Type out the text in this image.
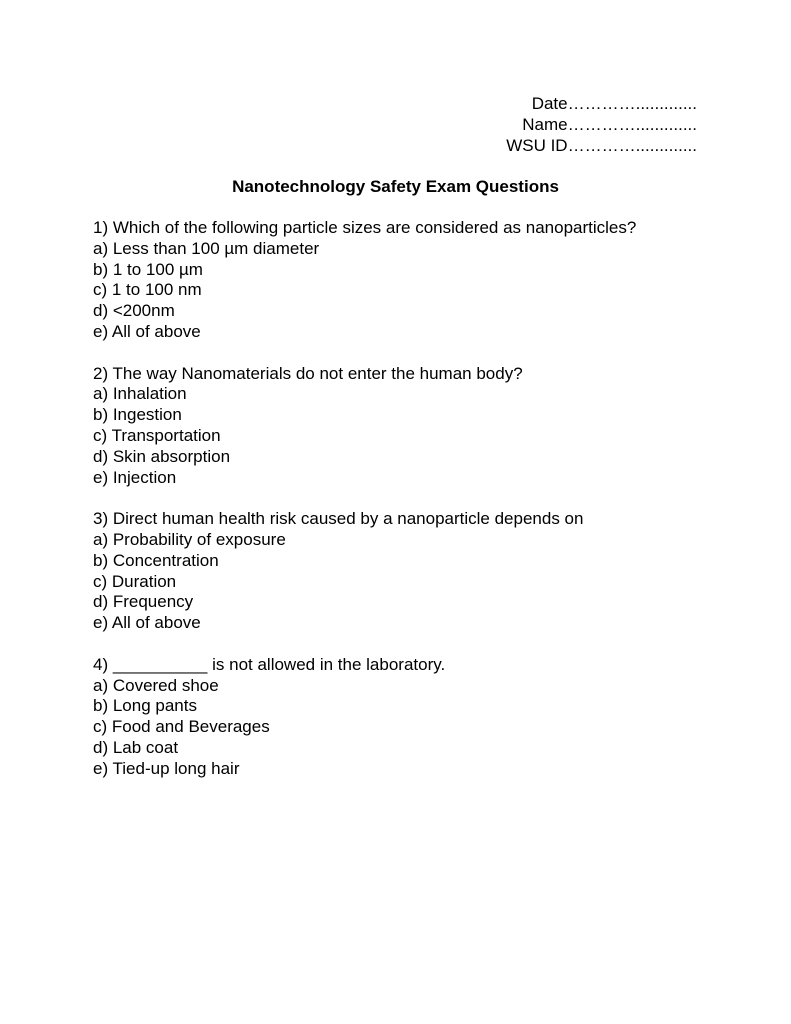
Date………….............
Name………….............
WSU ID………….............
Nanotechnology Safety Exam Questions
1) Which of the following particle sizes are considered as nanoparticles?
a) Less than 100 µm diameter
b) 1 to 100 µm
c) 1 to 100 nm
d) <200nm
e) All of above
2) The way Nanomaterials do not enter the human body?
a) Inhalation
b) Ingestion
c) Transportation
d) Skin absorption
e) Injection
3) Direct human health risk caused by a nanoparticle depends on
a) Probability of exposure
b) Concentration
c) Duration
d) Frequency
e) All of above
4) __________ is not allowed in the laboratory.
a) Covered shoe
b) Long pants
c) Food and Beverages
d) Lab coat
e) Tied-up long hair
